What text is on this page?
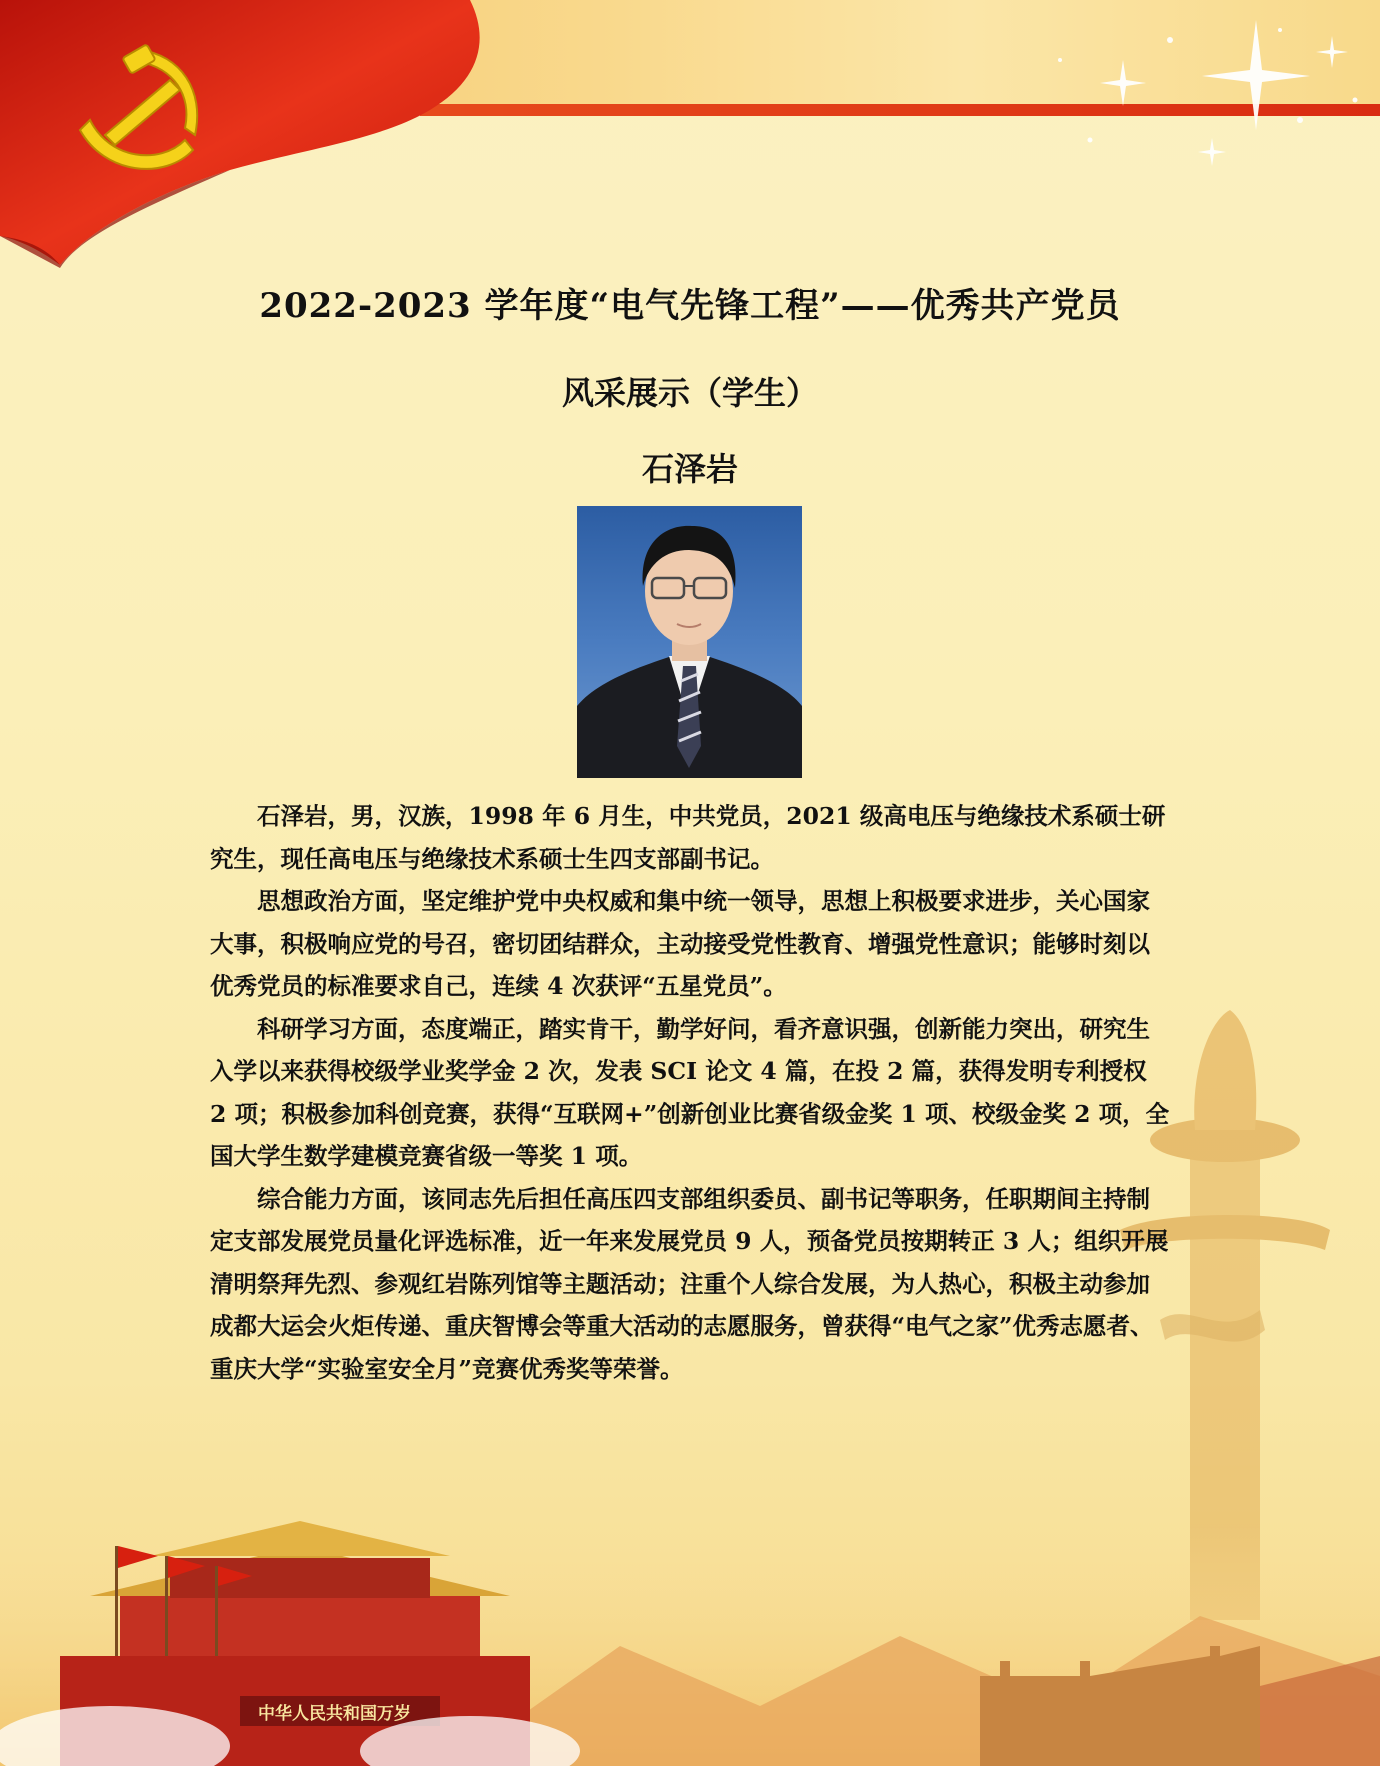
中华人民共和国万岁
2022-2023 学年度“电气先锋工程”——优秀共产党员
风采展示（学生）
石泽岩

石泽岩，男，汉族，1998 年 6 月生，中共党员，2021 级高电压与绝缘技术系硕士研究生，现任高电压与绝缘技术系硕士生四支部副书记。

思想政治方面，坚定维护党中央权威和集中统一领导，思想上积极要求进步，关心国家大事，积极响应党的号召，密切团结群众，主动接受党性教育、增强党性意识；能够时刻以优秀党员的标准要求自己，连续 4 次获评“五星党员”。

科研学习方面，态度端正，踏实肯干，勤学好问，看齐意识强，创新能力突出，研究生入学以来获得校级学业奖学金 2 次，发表 SCI 论文 4 篇，在投 2 篇，获得发明专利授权 2 项；积极参加科创竞赛，获得“互联网+”创新创业比赛省级金奖 1 项、校级金奖 2 项，全国大学生数学建模竞赛省级一等奖 1 项。

综合能力方面，该同志先后担任高压四支部组织委员、副书记等职务，任职期间主持制定支部发展党员量化评选标准，近一年来发展党员 9 人，预备党员按期转正 3 人；组织开展清明祭拜先烈、参观红岩陈列馆等主题活动；注重个人综合发展，为人热心，积极主动参加成都大运会火炬传递、重庆智博会等重大活动的志愿服务，曾获得“电气之家”优秀志愿者、重庆大学“实验室安全月”竞赛优秀奖等荣誉。
